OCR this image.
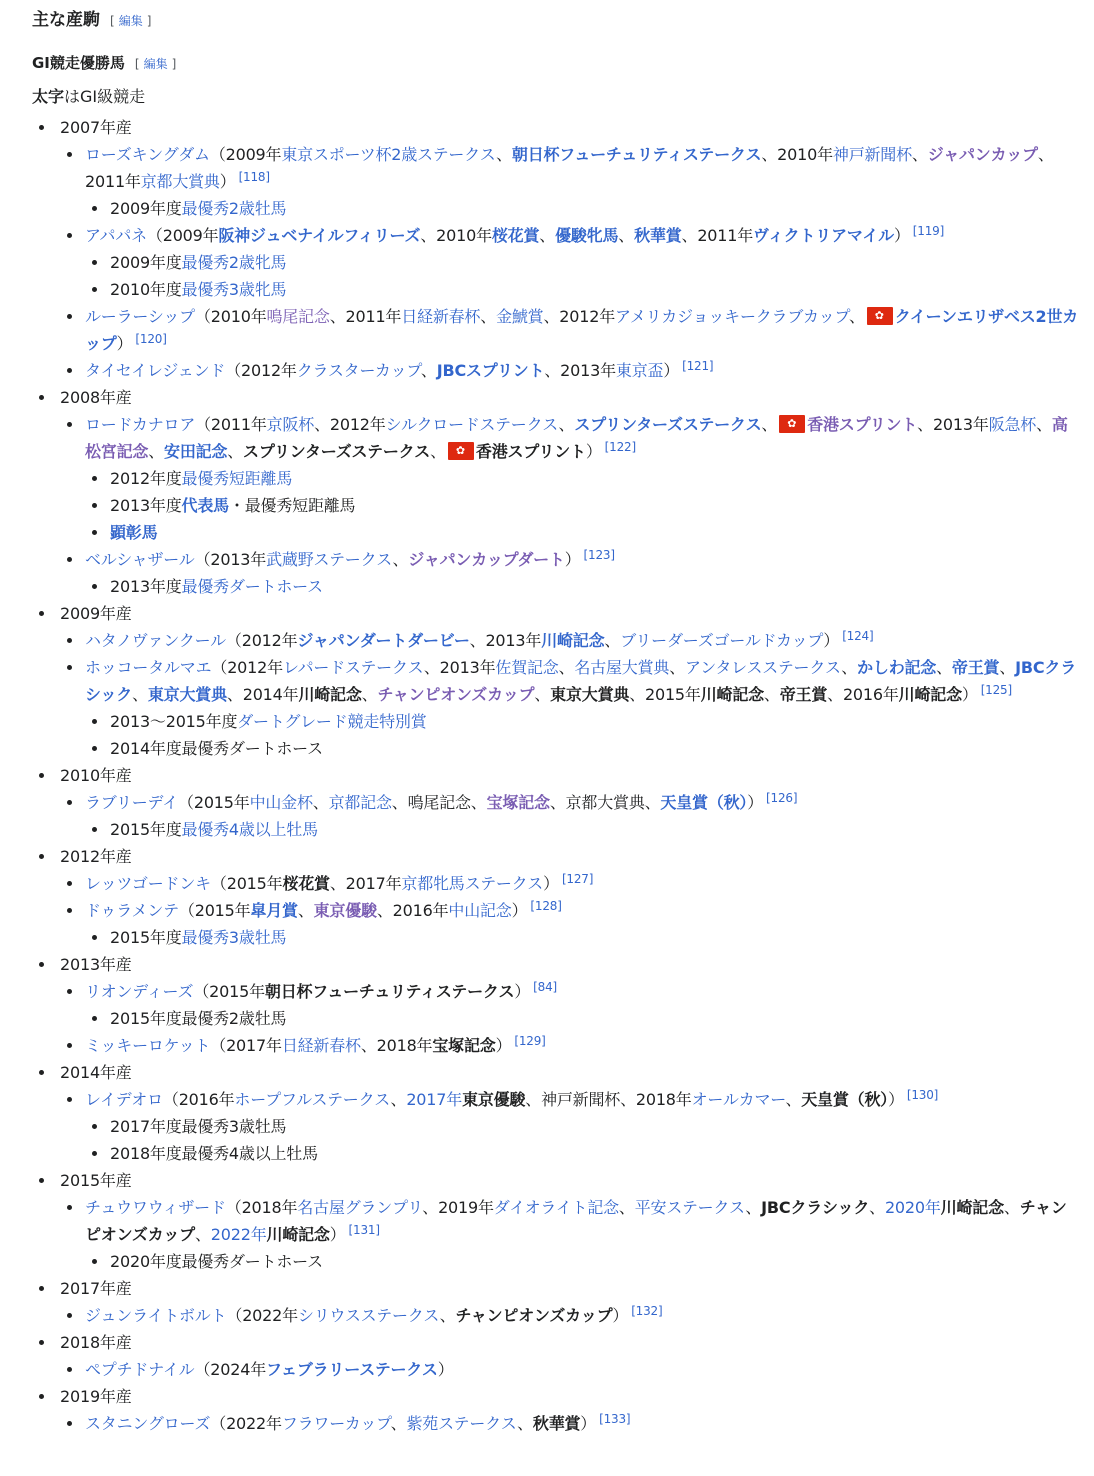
主な産駒 [ 編集 ]
GI競走優勝馬 [ 編集 ]

太字はGI級競走

2007年産
ローズキングダム（2009年東京スポーツ杯2歳ステークス、朝日杯フューチュリティステークス、2010年神戸新聞杯、ジャパンカップ、2011年京都大賞典） [118]
2009年度最優秀2歳牡馬
アパパネ（2009年阪神ジュベナイルフィリーズ、2010年桜花賞、優駿牝馬、秋華賞、2011年ヴィクトリアマイル） [119]
2009年度最優秀2歳牝馬
2010年度最優秀3歳牝馬
ルーラーシップ（2010年鳴尾記念、2011年日経新春杯、金鯱賞、2012年アメリカジョッキークラブカップ、 ✿ クイーンエリザベス2世カップ） [120]
タイセイレジェンド（2012年クラスターカップ、JBCスプリント、2013年東京盃） [121]
2008年産
ロードカナロア（2011年京阪杯、2012年シルクロードステークス、スプリンターズステークス、 ✿ 香港スプリント、2013年阪急杯、高松宮記念、安田記念、スプリンターズステークス、 ✿ 香港スプリント） [122]
2012年度最優秀短距離馬
2013年度代表馬・最優秀短距離馬
顕彰馬
ベルシャザール（2013年武蔵野ステークス、ジャパンカップダート） [123]
2013年度最優秀ダートホース
2009年産
ハタノヴァンクール（2012年ジャパンダートダービー、2013年川崎記念、ブリーダーズゴールドカップ） [124]
ホッコータルマエ（2012年レパードステークス、2013年佐賀記念、名古屋大賞典、アンタレスステークス、かしわ記念、帝王賞、JBCクラシック、東京大賞典、2014年川崎記念、チャンピオンズカップ、東京大賞典、2015年川崎記念、帝王賞、2016年川崎記念） [125]
2013～2015年度ダートグレード競走特別賞
2014年度最優秀ダートホース
2010年産
ラブリーデイ（2015年中山金杯、京都記念、鳴尾記念、宝塚記念、京都大賞典、天皇賞（秋）） [126]
2015年度最優秀4歳以上牡馬
2012年産
レッツゴードンキ（2015年桜花賞、2017年京都牝馬ステークス） [127]
ドゥラメンテ（2015年皐月賞、東京優駿、2016年中山記念） [128]
2015年度最優秀3歳牡馬
2013年産
リオンディーズ（2015年朝日杯フューチュリティステークス） [84]
2015年度最優秀2歳牡馬
ミッキーロケット（2017年日経新春杯、2018年宝塚記念） [129]
2014年産
レイデオロ（2016年ホープフルステークス、2017年東京優駿、神戸新聞杯、2018年オールカマー、天皇賞（秋）） [130]
2017年度最優秀3歳牡馬
2018年度最優秀4歳以上牡馬
2015年産
チュウワウィザード（2018年名古屋グランプリ、2019年ダイオライト記念、平安ステークス、JBCクラシック、2020年川崎記念、チャンピオンズカップ、2022年川崎記念） [131]
2020年度最優秀ダートホース
2017年産
ジュンライトボルト（2022年シリウスステークス、チャンピオンズカップ） [132]
2018年産
ペプチドナイル（2024年フェブラリーステークス）
2019年産
スタニングローズ（2022年フラワーカップ、紫苑ステークス、秋華賞） [133]
